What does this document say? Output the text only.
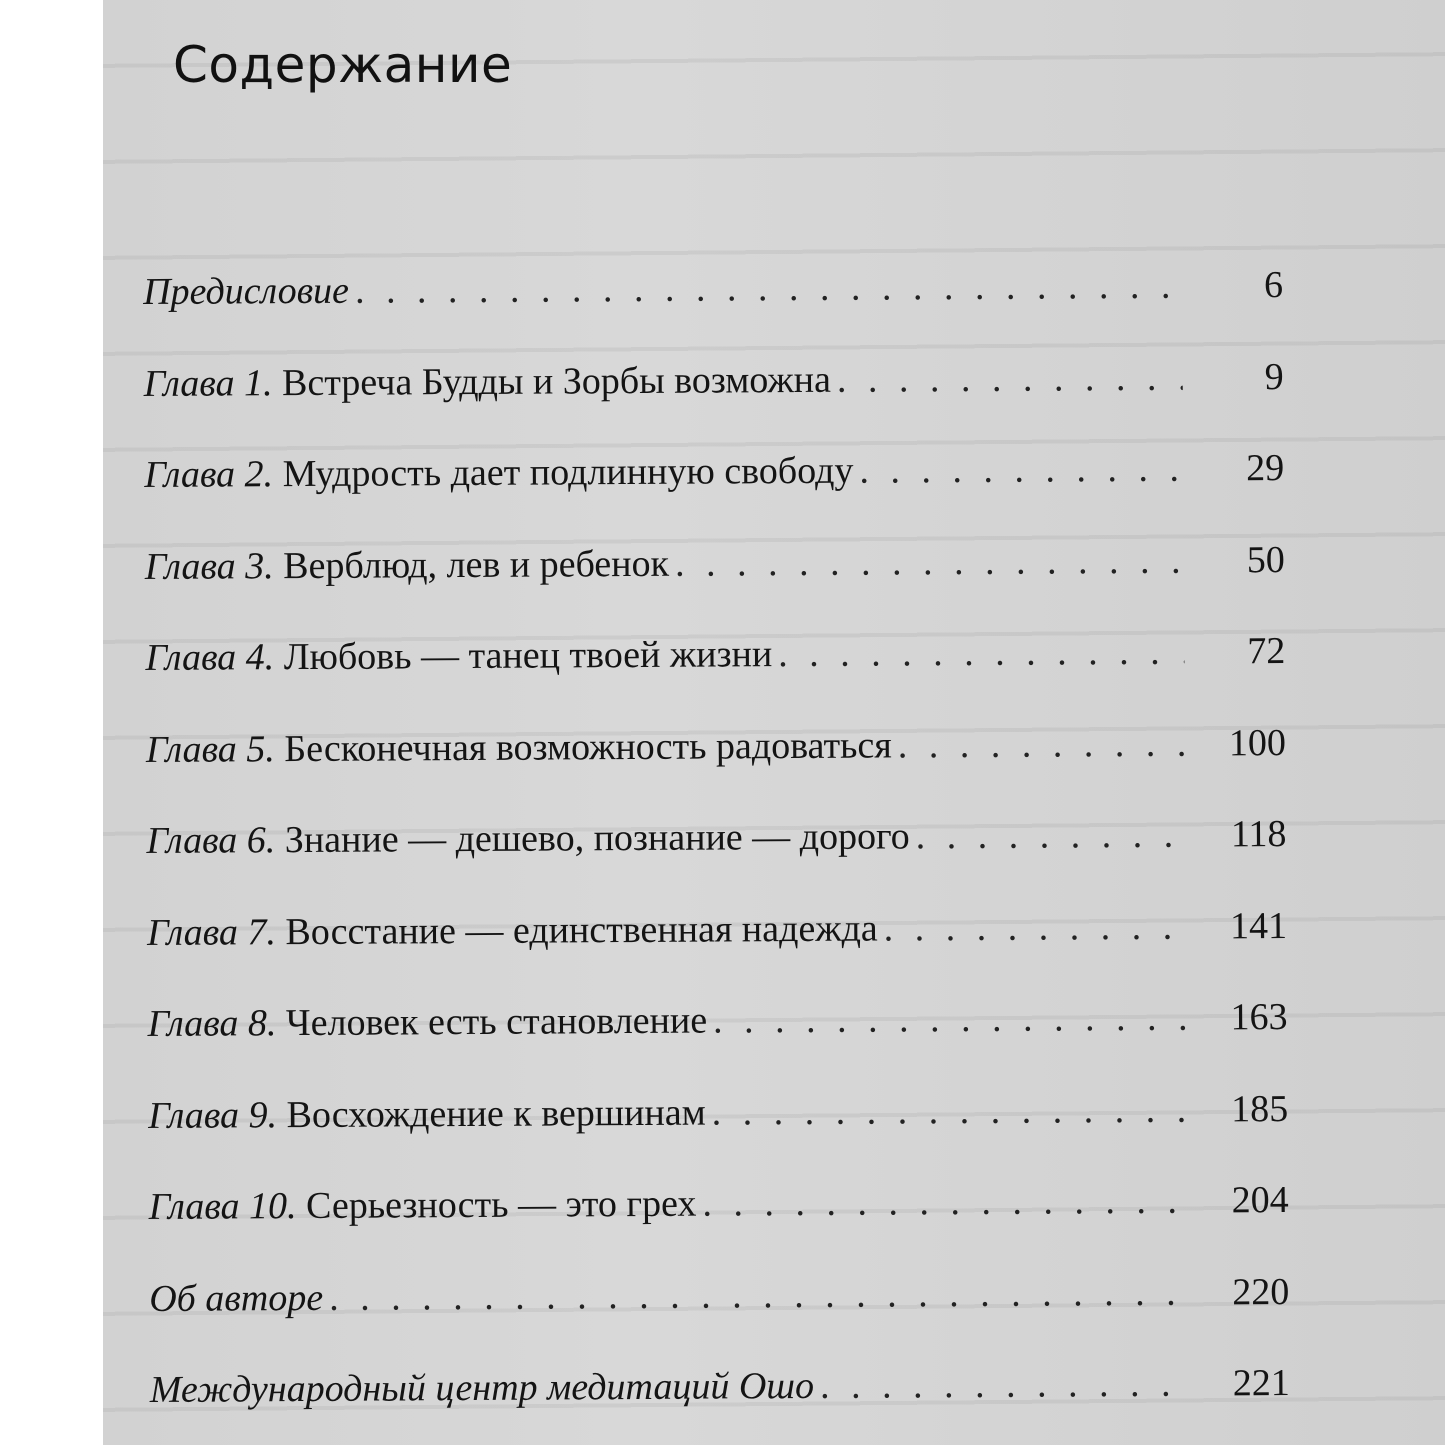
Содержание
Предисловие . . .	6
Глава 1. Встреча Будды и Зорбы возможна . . .	9
Глава 2. Мудрость дает подлинную свободу . . .	29
Глава 3. Верблюд, лев и ребенок . . .	50
Глава 4. Любовь — танец твоей жизни . . .	72
Глава 5. Бесконечная возможность радоваться . . .	100
Глава 6. Знание — дешево, познание — дорого . . .	118
Глава 7. Восстание — единственная надежда . . .	141
Глава 8. Человек есть становление . . .	163
Глава 9. Восхождение к вершинам . . .	185
Глава 10. Серьезность — это грех . . .	204
Об авторе . . .	220
Международный центр медитаций Ошо . . .	221
